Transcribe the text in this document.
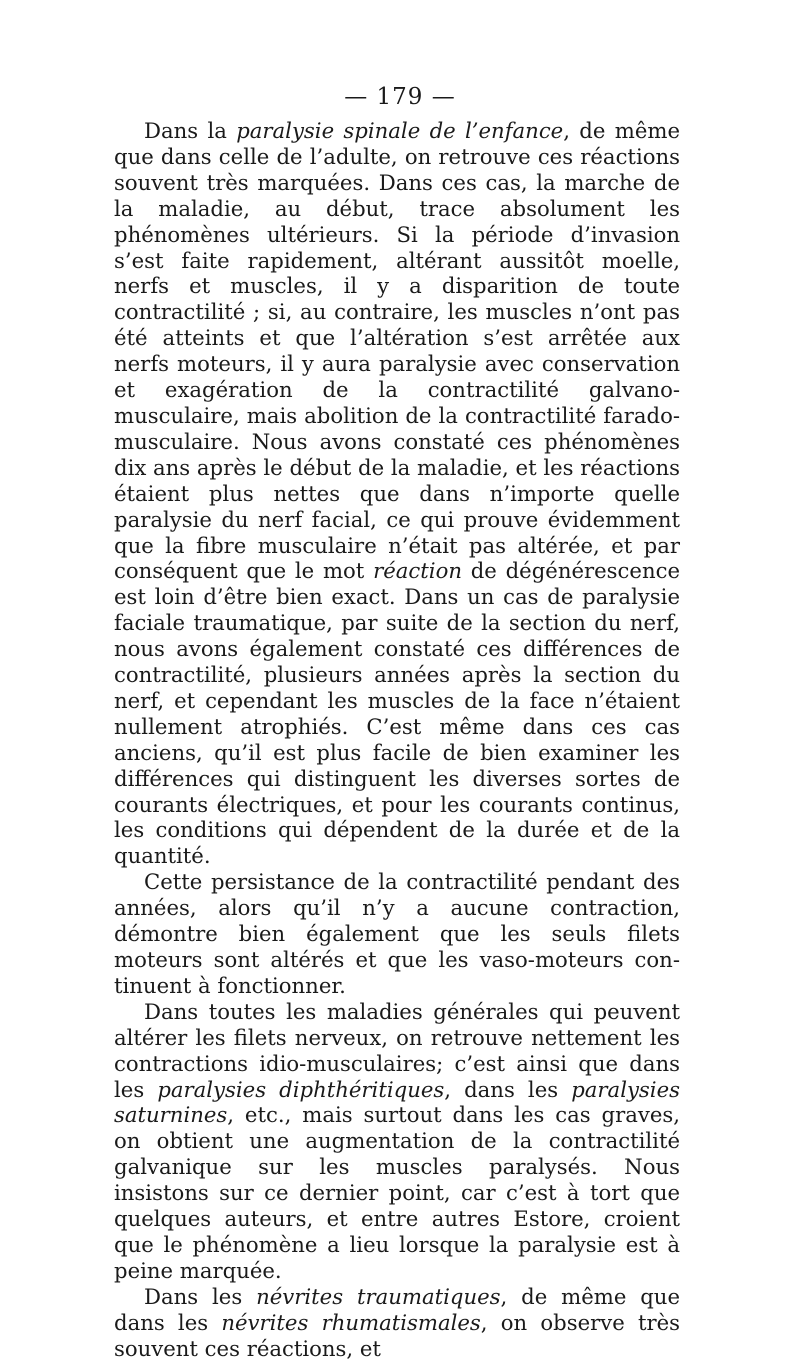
— 179 —

Dans la paralysie spinale de l’enfance, de même que dans celle de l’adulte, on retrouve ces réactions souvent très marquées. Dans ces cas, la marche de la maladie, au début, trace absolument les phénomènes ultérieurs. Si la période d’invasion s’est faite rapidement, altérant aussitôt moelle, nerfs et muscles, il y a disparition de toute contractilité ; si, au contraire, les muscles n’ont pas été atteints et que l’altération s’est arrêtée aux nerfs moteurs, il y aura paralysie avec conservation et exagération de la contractilité galvano-musculaire, mais abolition de la contractilité farado-musculaire. Nous avons constaté ces phénomènes dix ans après le début de la maladie, et les réactions étaient plus nettes que dans n’importe quelle paralysie du nerf facial, ce qui prouve évidemment que la fibre musculaire n’était pas altérée, et par conséquent que le mot réaction de dégénérescence est loin d’être bien exact. Dans un cas de paralysie faciale traumatique, par suite de la section du nerf, nous avons également constaté ces différences de contractilité, plusieurs années après la section du nerf, et cependant les muscles de la face n’étaient nullement atrophiés. C’est même dans ces cas anciens, qu’il est plus facile de bien examiner les différences qui distinguent les diverses sortes de courants électriques, et pour les courants continus, les conditions qui dépendent de la durée et de la quantité.

Cette persistance de la contractilité pendant des années, alors qu’il n’y a aucune contraction, démontre bien également que les seuls filets moteurs sont altérés et que les vaso-moteurs continuent à fonctionner.

Dans toutes les maladies générales qui peuvent altérer les filets nerveux, on retrouve nettement les contractions idio-musculaires; c’est ainsi que dans les paralysies diphthéritiques, dans les paralysies saturnines, etc., mais surtout dans les cas graves, on obtient une augmentation de la contractilité galvanique sur les muscles paralysés. Nous insistons sur ce dernier point, car c’est à tort que quelques auteurs, et entre autres Estore, croient que le phénomène a lieu lorsque la paralysie est à peine marquée.

Dans les névrites traumatiques, de même que dans les névrites rhumatismales, on observe très souvent ces réactions, et
